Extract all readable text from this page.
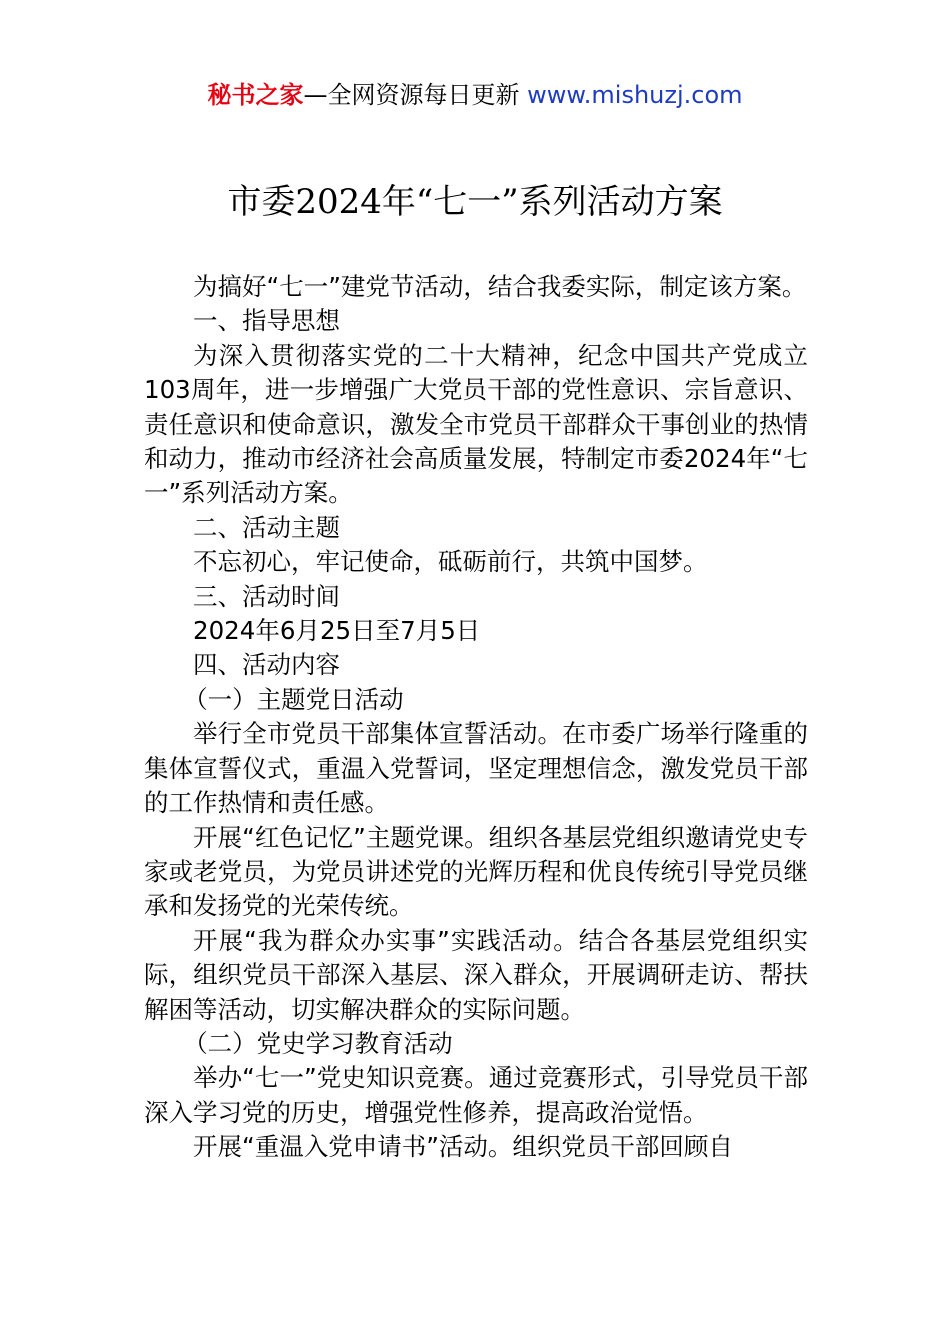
秘书之家—全网资源每日更新 www.mishuzj.com
市委2024年“七一”系列活动方案

为搞好“七一”建党节活动，结合我委实际，制定该方案。

一、指导思想

为深入贯彻落实党的二十大精神，纪念中国共产党成立103周年，进一步增强广大党员干部的党性意识、宗旨意识、责任意识和使命意识，激发全市党员干部群众干事创业的热情和动力，推动市经济社会高质量发展，特制定市委2024年“七一”系列活动方案。

二、活动主题

不忘初心，牢记使命，砥砺前行，共筑中国梦。

三、活动时间

2024年6月25日至7月5日

四、活动内容

（一）主题党日活动

举行全市党员干部集体宣誓活动。在市委广场举行隆重的集体宣誓仪式，重温入党誓词，坚定理想信念，激发党员干部的工作热情和责任感。

开展“红色记忆”主题党课。组织各基层党组织邀请党史专家或老党员，为党员讲述党的光辉历程和优良传统引导党员继承和发扬党的光荣传统。

开展“我为群众办实事”实践活动。结合各基层党组织实际，组织党员干部深入基层、深入群众，开展调研走访、帮扶解困等活动，切实解决群众的实际问题。

（二）党史学习教育活动

举办“七一”党史知识竞赛。通过竞赛形式，引导党员干部深入学习党的历史，增强党性修养，提高政治觉悟。

开展“重温入党申请书”活动。组织党员干部回顾自
